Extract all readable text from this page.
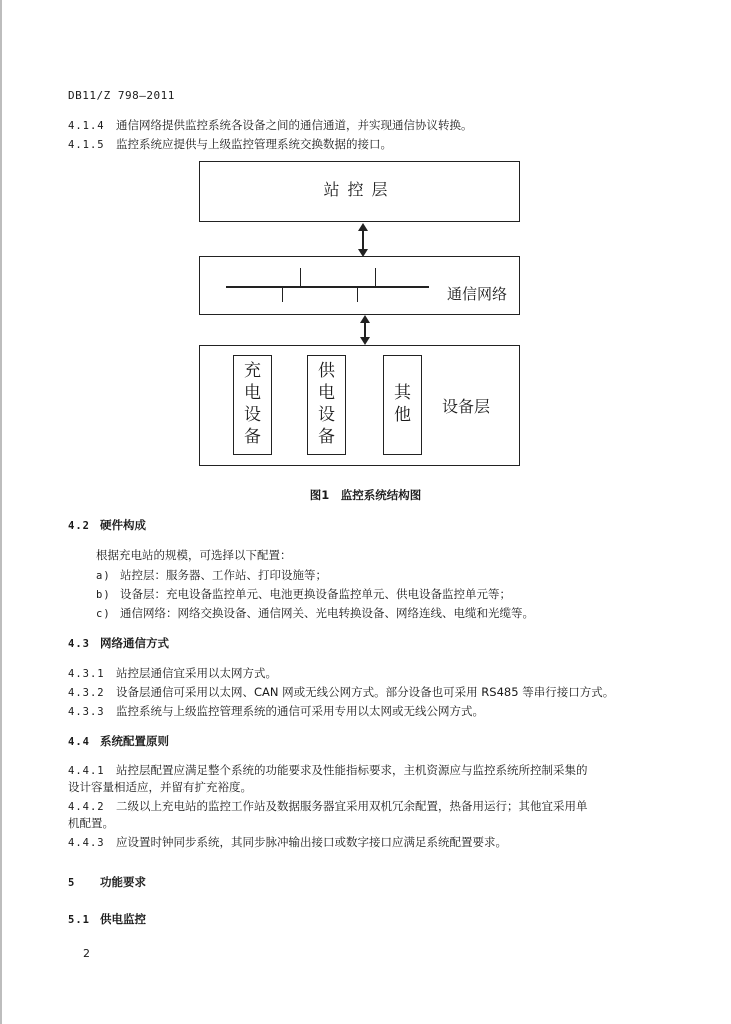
DB11/Z 798—2011
4.1.4 通信网络提供监控系统各设备之间的通信通道，并实现通信协议转换。
4.1.5 监控系统应提供与上级监控管理系统交换数据的接口。
站控层
通信网络
充
电
设
备
供
电
设
备
其
他	设备层
图1　监控系统结构图
4.2 硬件构成
根据充电站的规模，可选择以下配置：
a) 站控层：服务器、工作站、打印设施等；
b) 设备层：充电设备监控单元、电池更换设备监控单元、供电设备监控单元等；
c) 通信网络：网络交换设备、通信网关、光电转换设备、网络连线、电缆和光缆等。
4.3 网络通信方式
4.3.1 站控层通信宜采用以太网方式。
4.3.2 设备层通信可采用以太网、CAN 网或无线公网方式。部分设备也可采用 RS485 等串行接口方式。
4.3.3 监控系统与上级监控管理系统的通信可采用专用以太网或无线公网方式。
4.4 系统配置原则
4.4.1 站控层配置应满足整个系统的功能要求及性能指标要求，主机资源应与监控系统所控制采集的
设计容量相适应，并留有扩充裕度。
4.4.2 二级以上充电站的监控工作站及数据服务器宜采用双机冗余配置，热备用运行；其他宜采用单
机配置。
4.4.3 应设置时钟同步系统，其同步脉冲输出接口或数字接口应满足系统配置要求。
5 功能要求
5.1 供电监控
2
